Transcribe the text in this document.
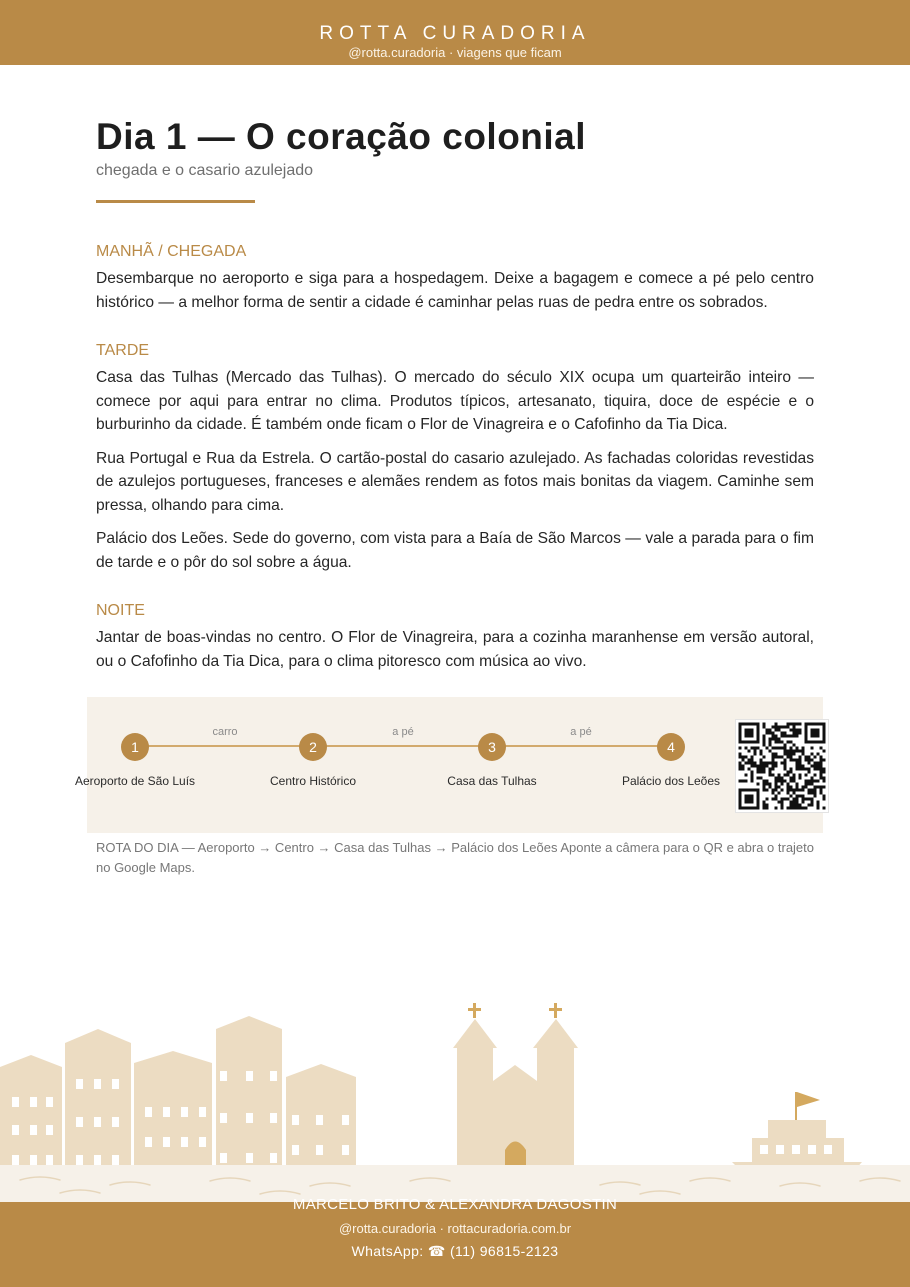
ROTTA CURADORIA
@rotta.curadoria · viagens que ficam
Dia 1 — O coração colonial
chegada e o casario azulejado
MANHÃ / CHEGADA

Desembarque no aeroporto e siga para a hospedagem. Deixe a bagagem e comece a pé pelo centro histórico — a melhor forma de sentir a cidade é caminhar pelas ruas de pedra entre os sobrados.

TARDE

Casa das Tulhas (Mercado das Tulhas). O mercado do século XIX ocupa um quarteirão inteiro — comece por aqui para entrar no clima. Produtos típicos, artesanato, tiquira, doce de espécie e o burburinho da cidade. É também onde ficam o Flor de Vinagreira e o Cafofinho da Tia Dica.

Rua Portugal e Rua da Estrela. O cartão-postal do casario azulejado. As fachadas coloridas revestidas de azulejos portugueses, franceses e alemães rendem as fotos mais bonitas da viagem. Caminhe sem pressa, olhando para cima.

Palácio dos Leões. Sede do governo, com vista para a Baía de São Marcos — vale a parada para o fim de tarde e o pôr do sol sobre a água.

NOITE

Jantar de boas-vindas no centro. O Flor de Vinagreira, para a cozinha maranhense em versão autoral, ou o Cafofinho da Tia Dica, para o clima pitoresco com música ao vivo.

carro	a pé	a pé
1	2	3	4
Aeroporto de São Luís	Centro Histórico	Casa das Tulhas	Palácio dos Leões
ROTA DO DIA — Aeroporto → Centro → Casa das Tulhas → Palácio dos Leões Aponte a câmera para o QR e abra o trajeto no Google Maps.
MARCELO BRITO & ALEXANDRA DAGOSTIN
@rotta.curadoria · rottacuradoria.com.br
WhatsApp: ☎ (11) 96815-2123
